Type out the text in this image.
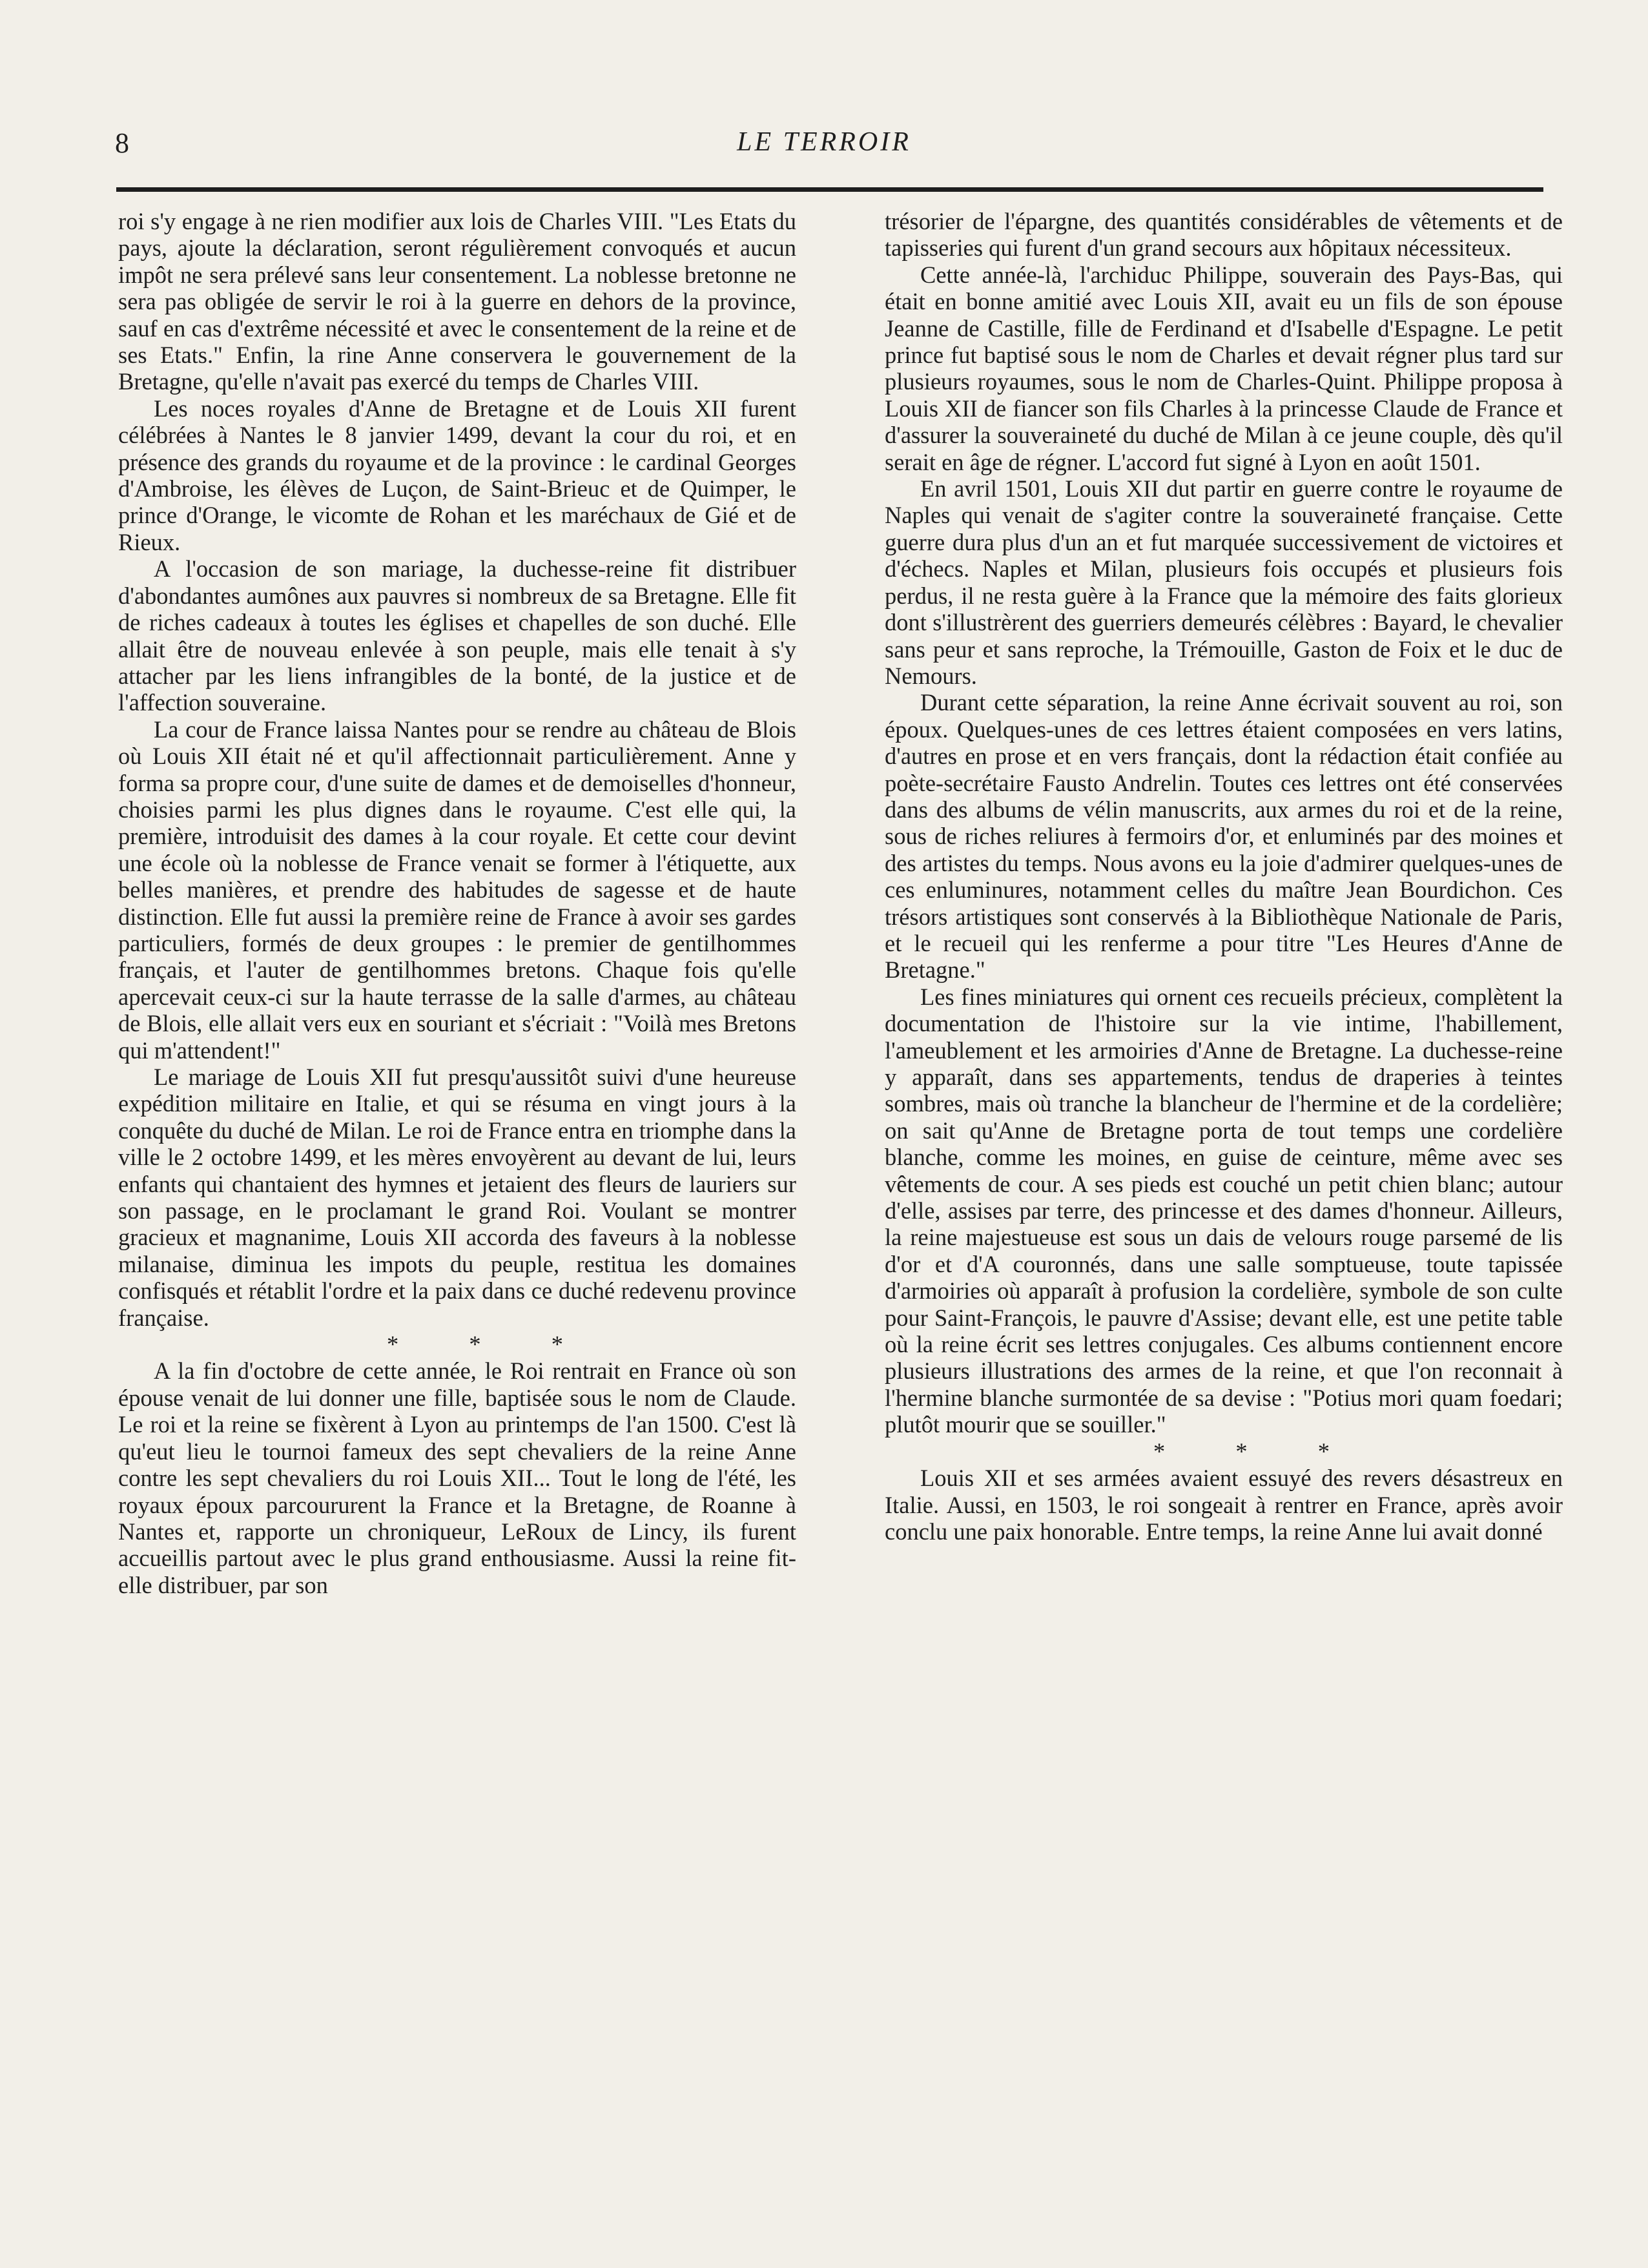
8	LE TERROIR

roi s'y engage à ne rien modifier aux lois de Charles VIII. "Les Etats du pays, ajoute la déclaration, seront régulièrement convoqués et aucun impôt ne sera prélevé sans leur consentement. La noblesse bretonne ne sera pas obligée de servir le roi à la guerre en dehors de la province, sauf en cas d'extrême nécessité et avec le consentement de la reine et de ses Etats." Enfin, la rine Anne conservera le gouvernement de la Bretagne, qu'elle n'avait pas exercé du temps de Charles VIII.

Les noces royales d'Anne de Bretagne et de Louis XII furent célébrées à Nantes le 8 janvier 1499, devant la cour du roi, et en présence des grands du royaume et de la province : le cardinal Georges d'Ambroise, les élèves de Luçon, de Saint-Brieuc et de Quimper, le prince d'Orange, le vicomte de Rohan et les maréchaux de Gié et de Rieux.

A l'occasion de son mariage, la duchesse-reine fit distribuer d'abondantes aumônes aux pauvres si nombreux de sa Bretagne. Elle fit de riches cadeaux à toutes les églises et chapelles de son duché. Elle allait être de nouveau enlevée à son peuple, mais elle tenait à s'y attacher par les liens infrangibles de la bonté, de la justice et de l'affection souveraine.

La cour de France laissa Nantes pour se rendre au château de Blois où Louis XII était né et qu'il affectionnait particulièrement. Anne y forma sa propre cour, d'une suite de dames et de demoiselles d'honneur, choisies parmi les plus dignes dans le royaume. C'est elle qui, la première, introduisit des dames à la cour royale. Et cette cour devint une école où la noblesse de France venait se former à l'étiquette, aux belles manières, et prendre des habitudes de sagesse et de haute distinction. Elle fut aussi la première reine de France à avoir ses gardes particuliers, formés de deux groupes : le premier de gentilhommes français, et l'auter de gentilhommes bretons. Chaque fois qu'elle apercevait ceux-ci sur la haute terrasse de la salle d'armes, au château de Blois, elle allait vers eux en souriant et s'écriait : "Voilà mes Bretons qui m'attendent!"

Le mariage de Louis XII fut presqu'aussitôt suivi d'une heureuse expédition militaire en Italie, et qui se résuma en vingt jours à la conquête du duché de Milan. Le roi de France entra en triomphe dans la ville le 2 octobre 1499, et les mères envoyèrent au devant de lui, leurs enfants qui chantaient des hymnes et jetaient des fleurs de lauriers sur son passage, en le proclamant le grand Roi. Voulant se montrer gracieux et magnanime, Louis XII accorda des faveurs à la noblesse milanaise, diminua les impots du peuple, restitua les domaines confisqués et rétablit l'ordre et la paix dans ce duché redevenu province française.

* * *

A la fin d'octobre de cette année, le Roi rentrait en France où son épouse venait de lui donner une fille, baptisée sous le nom de Claude. Le roi et la reine se fixèrent à Lyon au printemps de l'an 1500. C'est là qu'eut lieu le tournoi fameux des sept chevaliers de la reine Anne contre les sept chevaliers du roi Louis XII... Tout le long de l'été, les royaux époux parcoururent la France et la Bretagne, de Roanne à Nantes et, rapporte un chroniqueur, LeRoux de Lincy, ils furent accueillis partout avec le plus grand enthousiasme. Aussi la reine fit-elle distribuer, par son

trésorier de l'épargne, des quantités considérables de vêtements et de tapisseries qui furent d'un grand secours aux hôpitaux nécessiteux.

Cette année-là, l'archiduc Philippe, souverain des Pays-Bas, qui était en bonne amitié avec Louis XII, avait eu un fils de son épouse Jeanne de Castille, fille de Ferdinand et d'Isabelle d'Espagne. Le petit prince fut baptisé sous le nom de Charles et devait régner plus tard sur plusieurs royaumes, sous le nom de Charles-Quint. Philippe proposa à Louis XII de fiancer son fils Charles à la princesse Claude de France et d'assurer la souveraineté du duché de Milan à ce jeune couple, dès qu'il serait en âge de régner. L'accord fut signé à Lyon en août 1501.

En avril 1501, Louis XII dut partir en guerre contre le royaume de Naples qui venait de s'agiter contre la souveraineté française. Cette guerre dura plus d'un an et fut marquée successivement de victoires et d'échecs. Naples et Milan, plusieurs fois occupés et plusieurs fois perdus, il ne resta guère à la France que la mémoire des faits glorieux dont s'illustrèrent des guerriers demeurés célèbres : Bayard, le chevalier sans peur et sans reproche, la Trémouille, Gaston de Foix et le duc de Nemours.

Durant cette séparation, la reine Anne écrivait souvent au roi, son époux. Quelques-unes de ces lettres étaient composées en vers latins, d'autres en prose et en vers français, dont la rédaction était confiée au poète-secrétaire Fausto Andrelin. Toutes ces lettres ont été conservées dans des albums de vélin manuscrits, aux armes du roi et de la reine, sous de riches reliures à fermoirs d'or, et enluminés par des moines et des artistes du temps. Nous avons eu la joie d'admirer quelques-unes de ces enluminures, notamment celles du maître Jean Bourdichon. Ces trésors artistiques sont conservés à la Bibliothèque Nationale de Paris, et le recueil qui les renferme a pour titre "Les Heures d'Anne de Bretagne."

Les fines miniatures qui ornent ces recueils précieux, complètent la documentation de l'histoire sur la vie intime, l'habillement, l'ameublement et les armoiries d'Anne de Bretagne. La duchesse-reine y apparaît, dans ses appartements, tendus de draperies à teintes sombres, mais où tranche la blancheur de l'hermine et de la cordelière; on sait qu'Anne de Bretagne porta de tout temps une cordelière blanche, comme les moines, en guise de ceinture, même avec ses vêtements de cour. A ses pieds est couché un petit chien blanc; autour d'elle, assises par terre, des princesse et des dames d'honneur. Ailleurs, la reine majestueuse est sous un dais de velours rouge parsemé de lis d'or et d'A couronnés, dans une salle somptueuse, toute tapissée d'armoiries où apparaît à profusion la cordelière, symbole de son culte pour Saint-François, le pauvre d'Assise; devant elle, est une petite table où la reine écrit ses lettres conjugales. Ces albums contiennent encore plusieurs illustrations des armes de la reine, et que l'on reconnait à l'hermine blanche surmontée de sa devise : "Potius mori quam foedari; plutôt mourir que se souiller."

* * *

Louis XII et ses armées avaient essuyé des revers désastreux en Italie. Aussi, en 1503, le roi songeait à rentrer en France, après avoir conclu une paix honorable. Entre temps, la reine Anne lui avait donné
